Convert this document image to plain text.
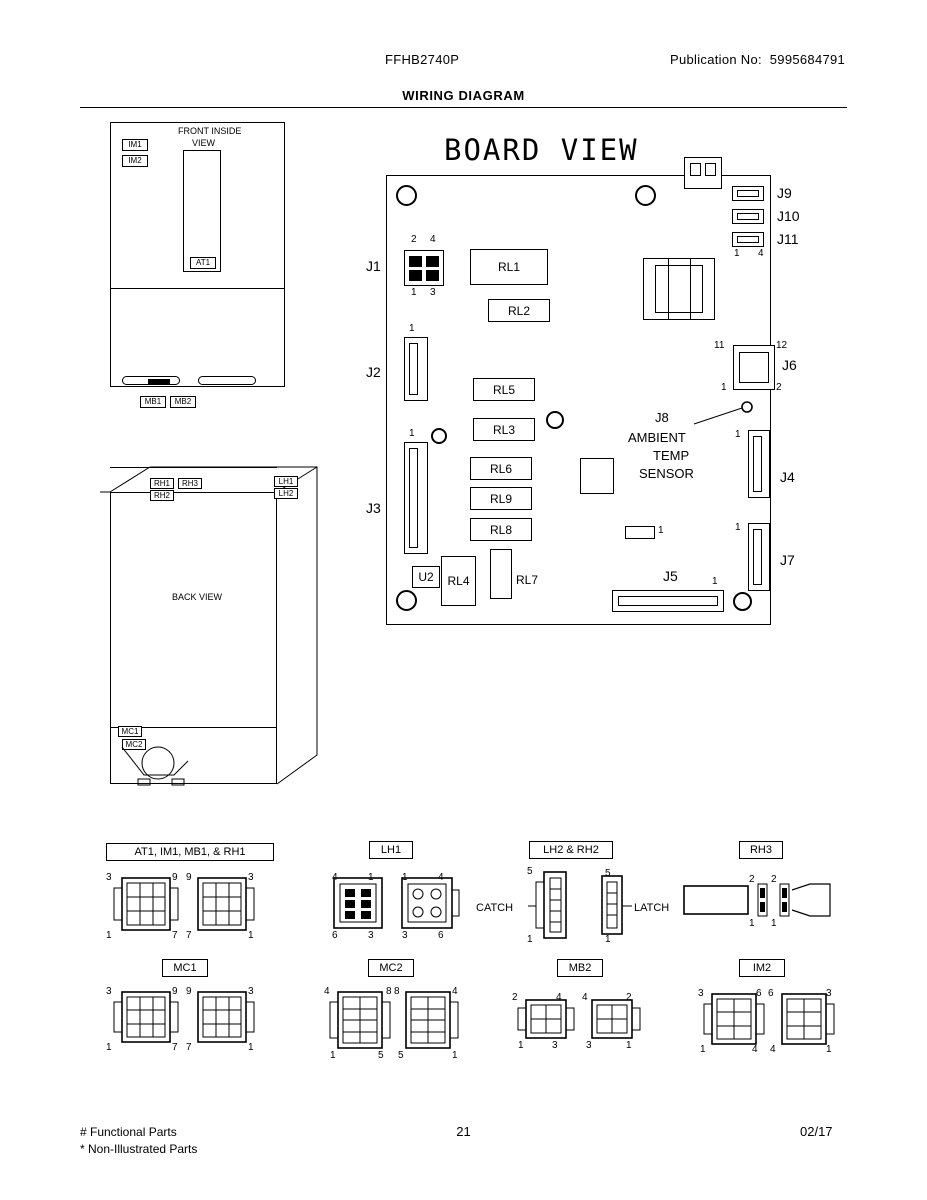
FFHB2740P	Publication No: 5995684791
WIRING DIAGRAM
FRONT INSIDE
VIEW
IM1
IM2
AT1
MB1	MB2
RH1	RH3
RH2
LH1
LH2
BACK VIEW
MC1
MC2
BOARD VIEW
J9
J10
J11
1 4
J1
2 4
1 3
J2
1
J3
1
RL1
RL2
RL5
RL3
RL6
RL9
RL8
RL4	RL7
U2
J6
11	12
1	2
J4
1
J7
1
J8
AMBIENT
TEMP
SENSOR
1
J5	1
AT1, IM1, MB1, & RH1
3	9
1	7
9	3
7	1
LH1
4	1
6	3
1	4
3	6
LH2 & RH2
5
1
5
1
CATCH	LATCH
RH3
2
1
2
1
MC1
3	9
1	7
9	3
7	1
MC2
4	8
1	5
8	4
5	1
MB2
2	4
1	3
4	2
3	1
IM2
3	6
1	4
6	3
4	1
# Functional Parts
* Non-Illustrated Parts
21	02/17
